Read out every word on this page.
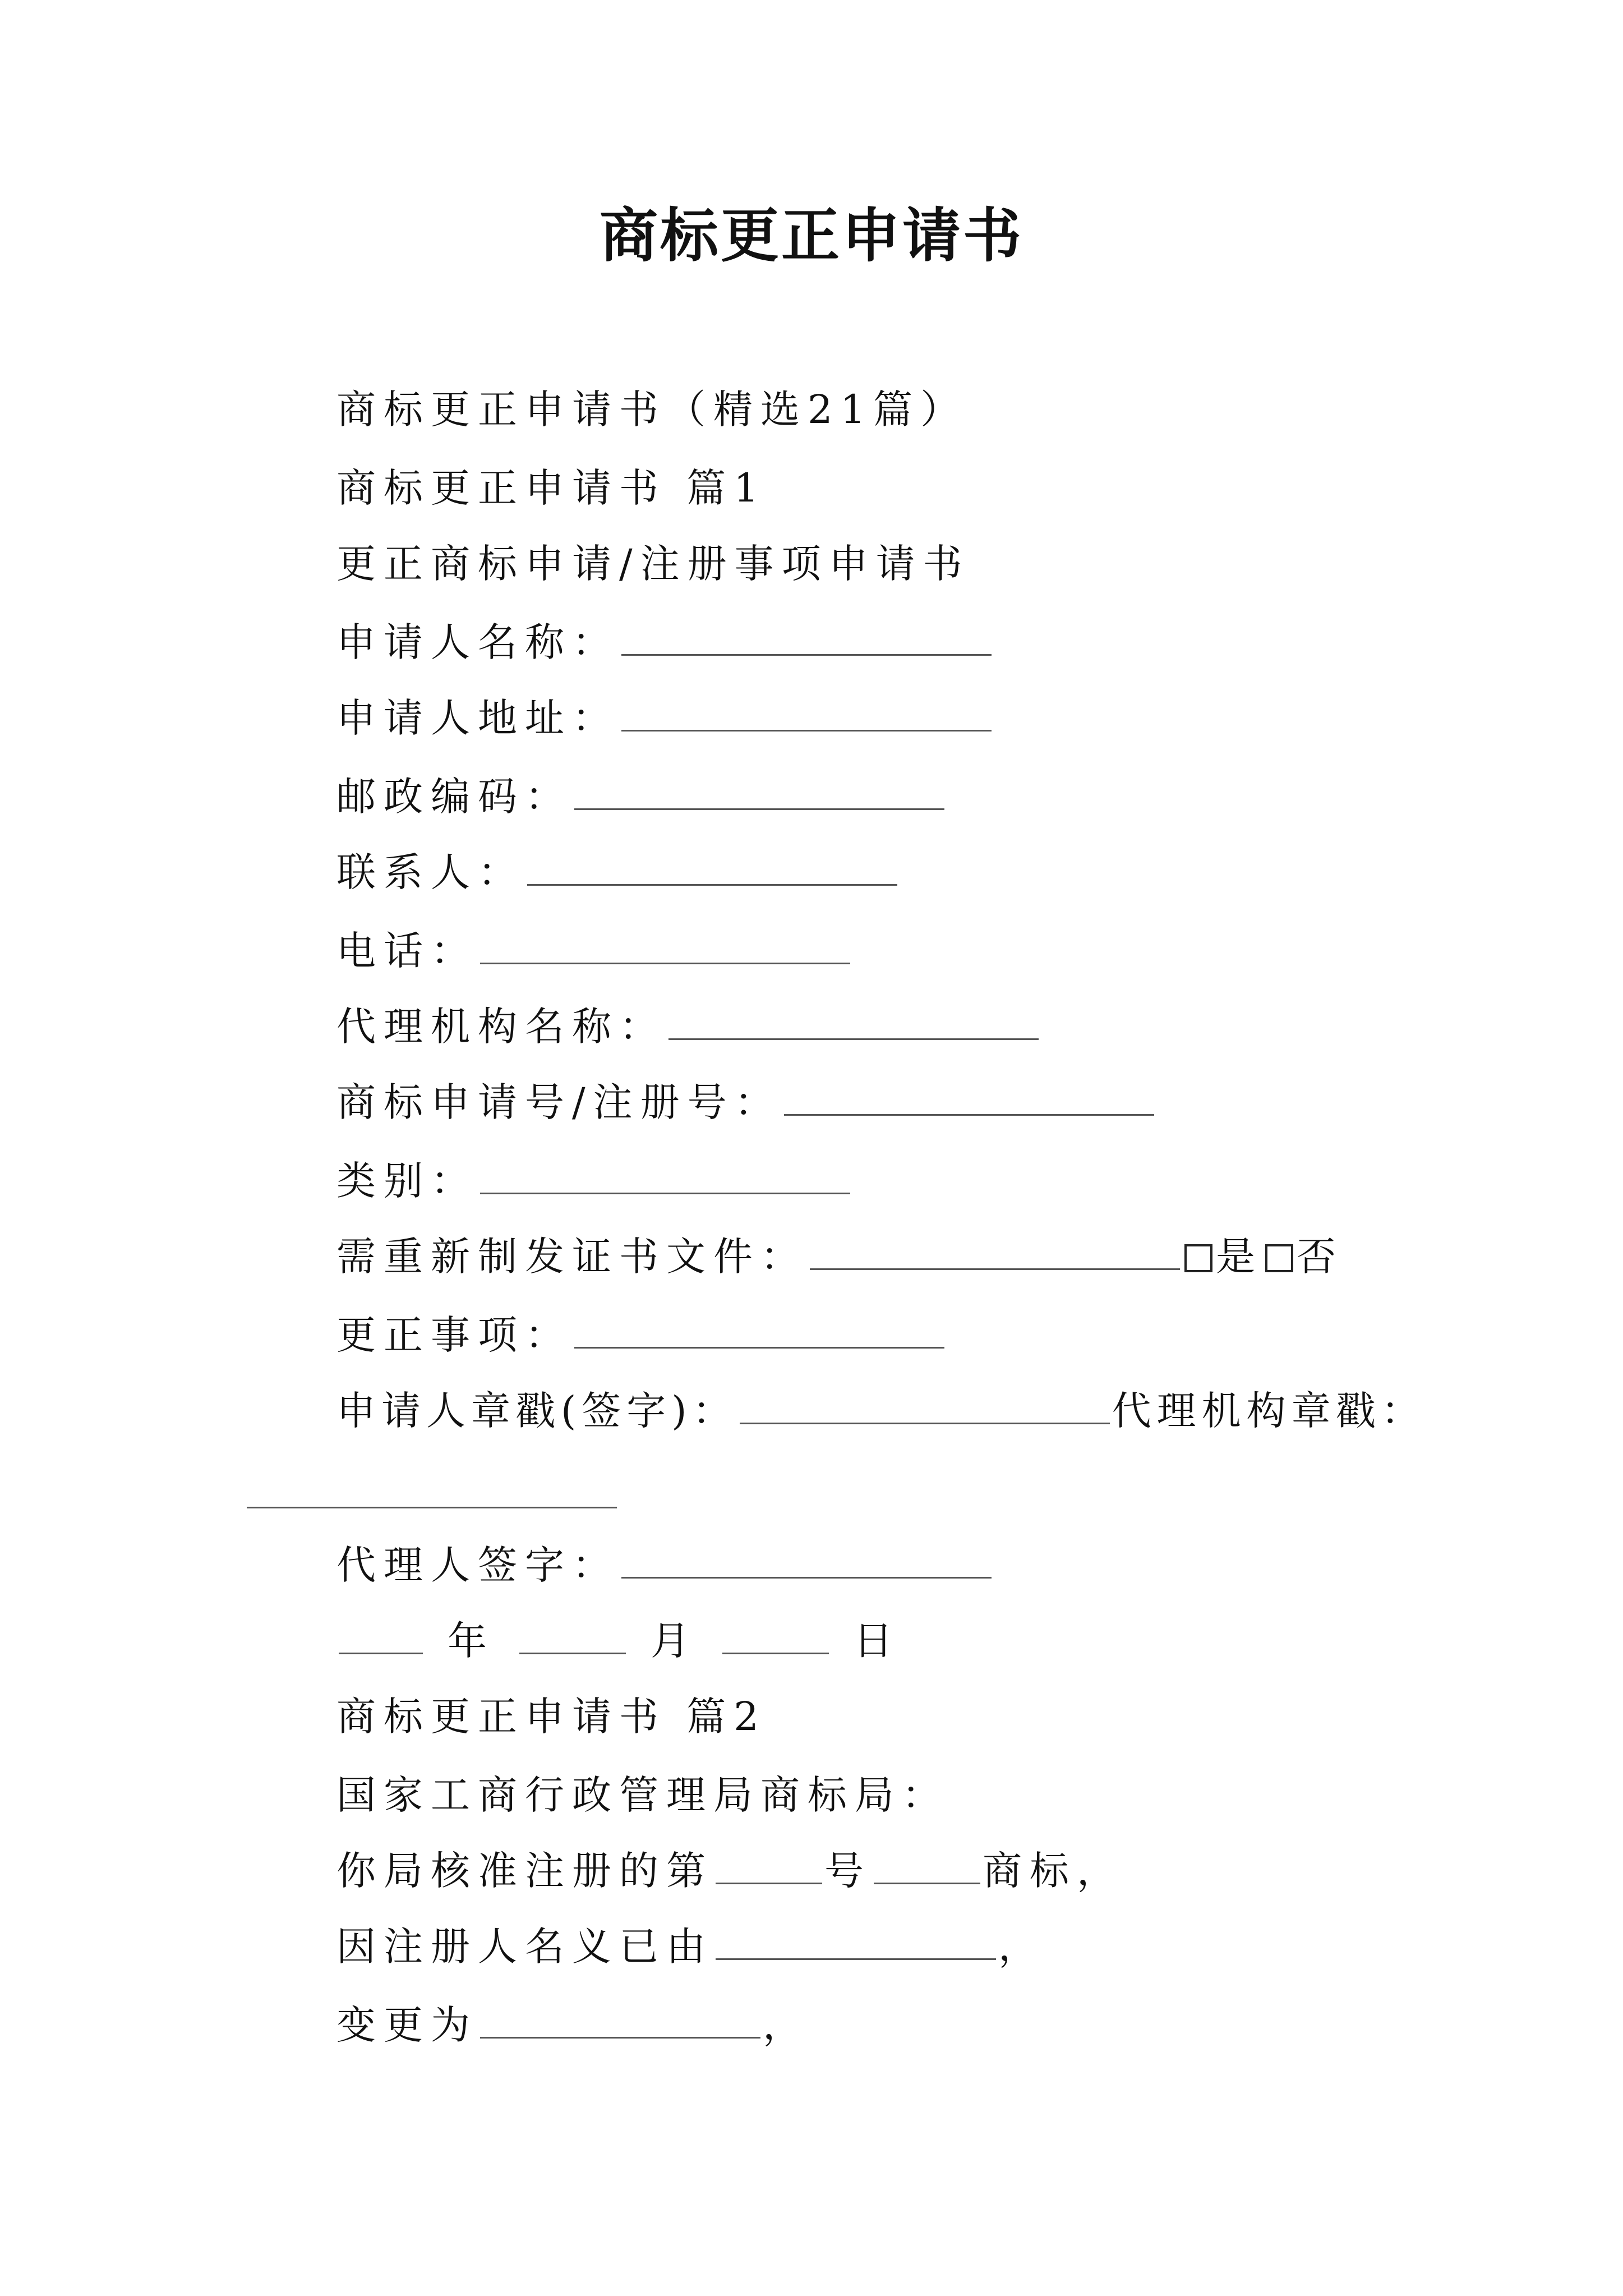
商标更正申请书
商标更正申请书（精选21篇）
商标更正申请书 篇1
更正商标申请/注册事项申请书
申请人名称：
申请人地址：
邮政编码：
联系人：
电话：
代理机构名称：
商标申请号/注册号：
类别：
需重新制发证书文件：	是 否
更正事项：
申请人章戳(签字)：	代理机构章戳：
代理人签字：
年	月	日
商标更正申请书 篇2
国家工商行政管理局商标局：
你局核准注册的第	号	商标，
因注册人名义已由	，
变更为	，
